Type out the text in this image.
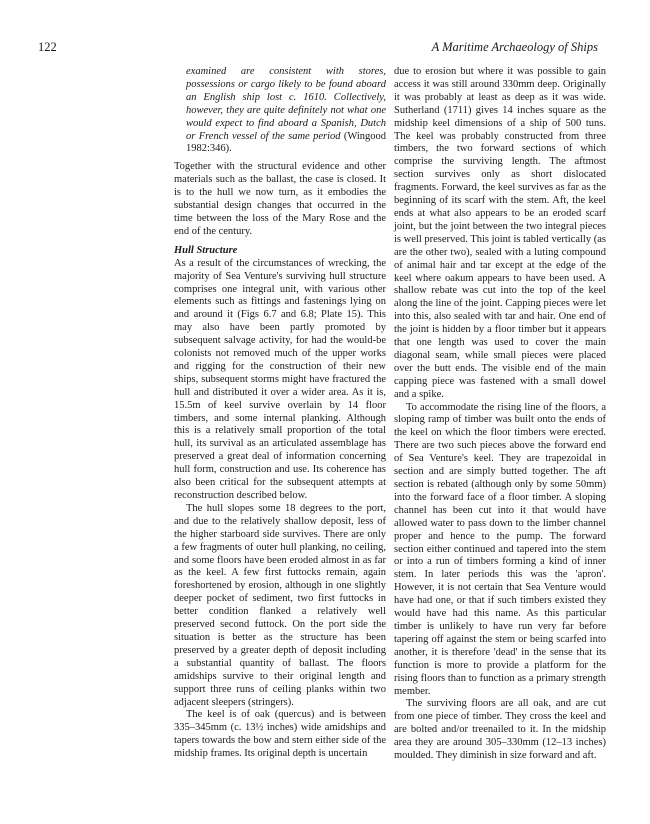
122	A Maritime Archaeology of Ships

examined are consistent with stores, possessions or cargo likely to be found aboard an English ship lost c. 1610. Collectively, however, they are quite definitely not what one would expect to find aboard a Spanish, Dutch or French vessel of the same period (Wingood 1982:346).

Together with the structural evidence and other materials such as the ballast, the case is closed. It is to the hull we now turn, as it embodies the substantial design changes that occurred in the time between the loss of the Mary Rose and the end of the century.

Hull Structure

As a result of the circumstances of wrecking, the majority of Sea Venture's surviving hull structure comprises one integral unit, with various other elements such as fittings and fastenings lying on and around it (Figs 6.7 and 6.8; Plate 15). This may also have been partly promoted by subsequent salvage activity, for had the would-be colonists not removed much of the upper works and rigging for the construction of their new ships, subsequent storms might have fractured the hull and distributed it over a wider area. As it is, 15.5m of keel survive overlain by 14 floor timbers, and some internal planking. Although this is a relatively small proportion of the total hull, its survival as an articulated assemblage has preserved a great deal of information concerning hull form, construction and use. Its coherence has also been critical for the subsequent attempts at reconstruction described below.

The hull slopes some 18 degrees to the port, and due to the relatively shallow deposit, less of the higher starboard side survives. There are only a few fragments of outer hull planking, no ceiling, and some floors have been eroded almost in as far as the keel. A few first futtocks remain, again foreshortened by erosion, although in one slightly deeper pocket of sediment, two first futtocks in better condition flanked a relatively well preserved second futtock. On the port side the situation is better as the structure has been preserved by a greater depth of deposit including a substantial quantity of ballast. The floors amidships survive to their original length and support three runs of ceiling planks within two adjacent sleepers (stringers).

The keel is of oak (quercus) and is between 335–345mm (c. 13½ inches) wide amidships and tapers towards the bow and stern either side of the midship frames. Its original depth is uncertain

due to erosion but where it was possible to gain access it was still around 330mm deep. Originally it was probably at least as deep as it was wide. Sutherland (1711) gives 14 inches square as the midship keel dimensions of a ship of 500 tuns. The keel was probably constructed from three timbers, the two forward sections of which comprise the surviving length. The aftmost section survives only as short dislocated fragments. Forward, the keel survives as far as the beginning of its scarf with the stem. Aft, the keel ends at what also appears to be an eroded scarf joint, but the joint between the two integral pieces is well preserved. This joint is tabled vertically (as are the other two), sealed with a luting compound of animal hair and tar except at the edge of the keel where oakum appears to have been used. A shallow rebate was cut into the top of the keel along the line of the joint. Capping pieces were let into this, also sealed with tar and hair. One end of the joint is hidden by a floor timber but it appears that one length was used to cover the main diagonal seam, while small pieces were placed over the butt ends. The visible end of the main capping piece was fastened with a small dowel and a spike.

To accommodate the rising line of the floors, a sloping ramp of timber was built onto the ends of the keel on which the floor timbers were erected. There are two such pieces above the forward end of Sea Venture's keel. They are trapezoidal in section and are simply butted together. The aft section is rebated (although only by some 50mm) into the forward face of a floor timber. A sloping channel has been cut into it that would have allowed water to pass down to the limber channel proper and hence to the pump. The forward section either continued and tapered into the stem or into a run of timbers forming a kind of inner stem. In later periods this was the 'apron'. However, it is not certain that Sea Venture would have had one, or that if such timbers existed they would have had this name. As this particular timber is unlikely to have run very far before tapering off against the stem or being scarfed into another, it is therefore 'dead' in the sense that its function is more to provide a platform for the rising floors than to function as a primary strength member.

The surviving floors are all oak, and are cut from one piece of timber. They cross the keel and are bolted and/or treenailed to it. In the midship area they are around 305–330mm (12–13 inches) moulded. They diminish in size forward and aft.
